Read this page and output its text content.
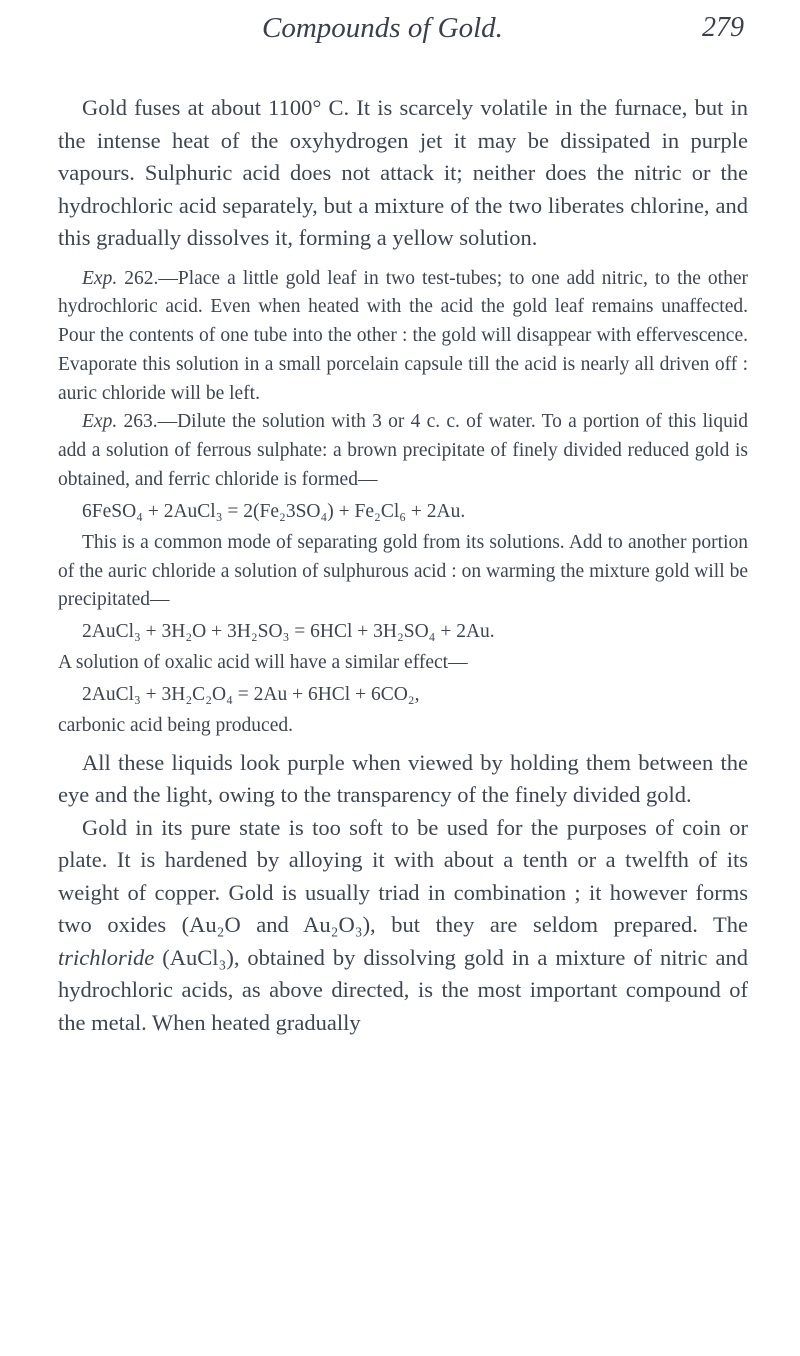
Compounds of Gold.	279

Gold fuses at about 1100° C. It is scarcely volatile in the furnace, but in the intense heat of the oxyhydrogen jet it may be dissipated in purple vapours. Sulphuric acid does not attack it; neither does the nitric or the hydrochloric acid separately, but a mixture of the two liberates chlorine, and this gradually dissolves it, forming a yellow solution.

Exp. 262.—Place a little gold leaf in two test-tubes; to one add nitric, to the other hydrochloric acid. Even when heated with the acid the gold leaf remains unaffected. Pour the contents of one tube into the other : the gold will disappear with effervescence. Evaporate this solution in a small porcelain capsule till the acid is nearly all driven off : auric chloride will be left.

Exp. 263.—Dilute the solution with 3 or 4 c. c. of water. To a portion of this liquid add a solution of ferrous sulphate: a brown precipitate of finely divided reduced gold is obtained, and ferric chloride is formed—

6FeSO₄ + 2AuCl₃ = 2(Fe₂3SO₄) + Fe₂Cl₆ + 2Au.

This is a common mode of separating gold from its solutions. Add to another portion of the auric chloride a solution of sulphurous acid : on warming the mixture gold will be precipitated—

2AuCl₃ + 3H₂O + 3H₂SO₃ = 6HCl + 3H₂SO₄ + 2Au.

A solution of oxalic acid will have a similar effect—

2AuCl₃ + 3H₂C₂O₄ = 2Au + 6HCl + 6CO₂,

carbonic acid being produced.

All these liquids look purple when viewed by holding them between the eye and the light, owing to the transparency of the finely divided gold.

Gold in its pure state is too soft to be used for the purposes of coin or plate. It is hardened by alloying it with about a tenth or a twelfth of its weight of copper. Gold is usually triad in combination ; it however forms two oxides (Au₂O and Au₂O₃), but they are seldom prepared. The trichloride (AuCl₃), obtained by dissolving gold in a mixture of nitric and hydrochloric acids, as above directed, is the most important compound of the metal. When heated gradually
